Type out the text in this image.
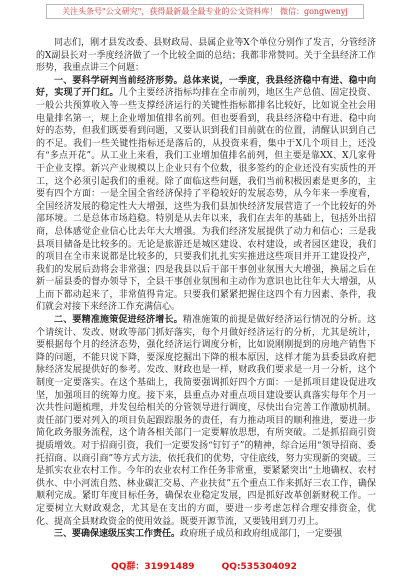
关注头条号"公文研究"，获得最新最全最专业的公文资料库！ 微信：gongwenyj

同志们，刚才县发改委、县财政局、县属企业等X个单位分别作了发言，分管经济的X副县长对一季度经济做了一个比较全面的总结；我都非常赞同。关于全县经济工作形势，我重点讲三个问题：

一、要科学研判当前经济形势。总体来说，一季度，我县经济稳中有进、稳中向好，实现了开门红。几个主要经济指标均排在全市前列，地区生产总值、固定投资、一般公共预算收入等一些支撑经济运行的关键性指标都排名比较好，比如说全社会用电量排名第一，规上企业增加值排名前列。但也要看到，我县经济稳中有进、稳中向好的态势，但我们既要看到问题，又要认识到我们目前就在的位置，清醒认识到自己的不足。我们一些关键性指标还是落后的，从投资来看，集中于X几个项目上，还没有“多点开花”。从工业上来看，我们工业增加值排名前列，但主要是靠XX、X几家骨干企业支撑。新兴产业规模以上企业只有个位数，很多签约的企业还没有实质性的开工，这个必须引起我们的重视。除了面临这些问题，我们当前积极因素是更多的，主要有四个方面：一是全国全省经济保持了平稳较好的发展态势，从今年来一季度看，全国经济发展的稳定性大大增强，这些为我们县加快经济发展营造了一个比较好的外部环境。二是总体市场趋稳。特别是从去年以来，我们在去年的基础上，包括外出招商，总体感觉企业信心比去年大大增强。为我们经济发展提供了动力和信心；三是我县项目储备是比较多的。无论是旅游还是城区建设、农村建设，或者园区建设，我们的项目在全市来说都是比较多的，只要我们扎扎实实推进这些项目并开工建设投产，我们的发展后劲将会非常强；四是我县以后干部干事创业氛围大大增强，换届之后在新一届县委的督办领导下，全县干事创业氛围和主动作为意识也比往年大大增强，从上而下都动起来了，非常值得肯定。只要我们紧紧把握住这四个有力因素、条件，我们就会对接下来经济工作充满信心。

二、要精准施策促进经济增长。精准施策的前提是做好经济运行情况的分析。这个请统计、发改、财政等部门抓好落实，每个月做好经济运行的分析，尤其是统计，要根据每个月的经济态势，强化经济运行调度分析，比如说刚刚提到的房地产销售下降的问题，不能只说下降，要深度挖掘出下降的根本原因，这样才能为县委县政府把脉经济发展提供好的参考。发改、财政也是一样，财政我们要求是一月一分析，这个制度一定要落实。在这个基础上，我简要强调抓好四个方面：一是抓项目建设促进攻坚，加强项目的统筹力度。接下来，县重点办对重点项目建设要认真落实每年个月一次共性问题梳理，并发包给相关的分管领导进行调度，尽快出台完善工作激励机制。责任部门要对列入的项目负起跟踪服务的责任，有力推动项目的顺利推进，要进一步简化政务服务流程，这个请各相关部门一定要解放思想，有所突破。二是抓招商引资提质增效。对于招商引资，我们一定要发扬“钉钉子”的精神，综合运用“领导招商、委托招商、以商引商”等方式方法，依托我们的优势，守住底线，努力实现新的突破。三是抓实农业农村工作。今年的农业农村工作任务非常重，要紧紧突出“土地确权、农村供水、中小河流自然、林业碳汇交易、产业扶贫”五个重点工作来抓好三农工作，确保顺利完成。紧盯年度目标任务，确保农业稳定发展，四是抓好改革创新财税工作。一定要树立大财政观念，尤其是在支出的方面，要进一步考虑怎样合理安排资金，优化、提高全县财政资金的使用效益。既要开源节流，又要钱用到刀刃上。

三、要确保速级压实工作责任。政府班子成员和政府组成部门，一定要强

QQ群：31991489	QQ:535304092
